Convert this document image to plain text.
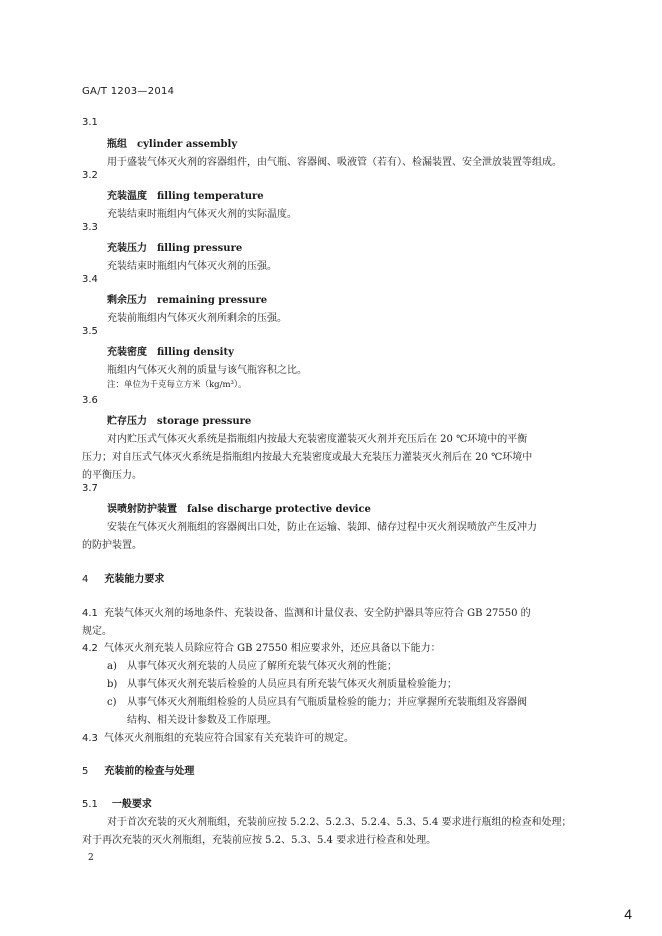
GA/T 1203—2014
3.1
瓶组 cylinder assembly
用于盛装气体灭火剂的容器组件，由气瓶、容器阀、吸液管（若有）、检漏装置、安全泄放装置等组成。
3.2
充装温度 filling temperature
充装结束时瓶组内气体灭火剂的实际温度。
3.3
充装压力 filling pressure
充装结束时瓶组内气体灭火剂的压强。
3.4
剩余压力 remaining pressure
充装前瓶组内气体灭火剂所剩余的压强。
3.5
充装密度 filling density
瓶组内气体灭火剂的质量与该气瓶容积之比。
注：单位为千克每立方米（kg/m³）。
3.6
贮存压力 storage pressure
对内贮压式气体灭火系统是指瓶组内按最大充装密度灌装灭火剂并充压后在 20 ℃环境中的平衡
压力；对自压式气体灭火系统是指瓶组内按最大充装密度或最大充装压力灌装灭火剂后在 20 ℃环境中
的平衡压力。
3.7
误喷射防护装置 false discharge protective device
安装在气体灭火剂瓶组的容器阀出口处，防止在运输、装卸、储存过程中灭火剂误喷放产生反冲力
的防护装置。
4 充装能力要求
4.1 充装气体灭火剂的场地条件、充装设备、监测和计量仪表、安全防护器具等应符合 GB 27550 的
规定。
4.2 气体灭火剂充装人员除应符合 GB 27550 相应要求外，还应具备以下能力：
a) 从事气体灭火剂充装的人员应了解所充装气体灭火剂的性能；
b) 从事气体灭火剂充装后检验的人员应具有所充装气体灭火剂质量检验能力；
c) 从事气体灭火剂瓶组检验的人员应具有气瓶质量检验的能力；并应掌握所充装瓶组及容器阀
结构、相关设计参数及工作原理。
4.3 气体灭火剂瓶组的充装应符合国家有关充装许可的规定。
5 充装前的检查与处理
5.1 一般要求
对于首次充装的灭火剂瓶组，充装前应按 5.2.2、5.2.3、5.2.4、5.3、5.4 要求进行瓶组的检查和处理；
对于再次充装的灭火剂瓶组，充装前应按 5.2、5.3、5.4 要求进行检查和处理。
2
4
